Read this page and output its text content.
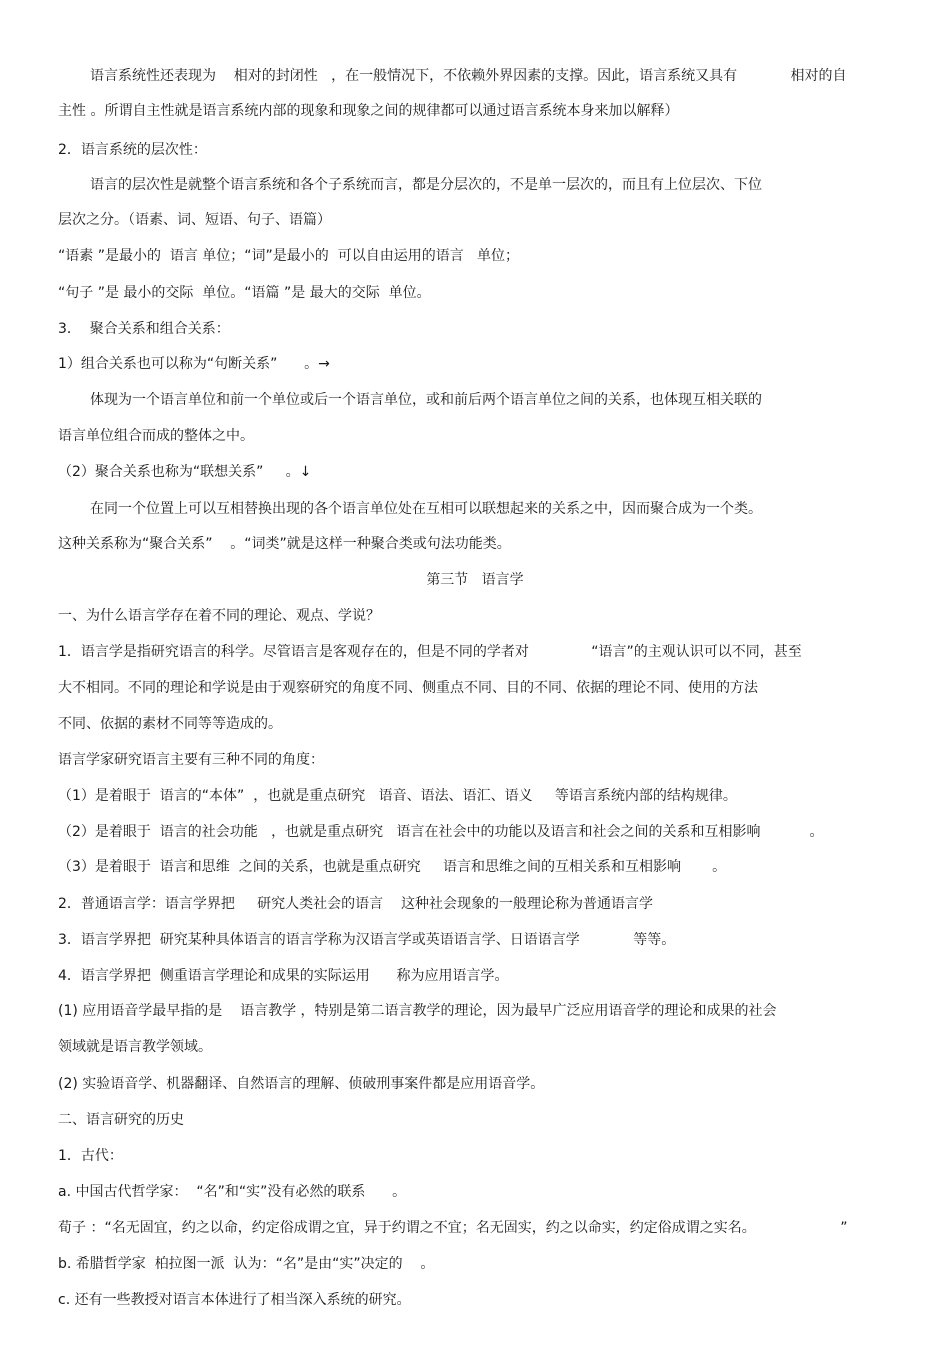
语言系统性还表现为    相对的封闭性   ，在一般情况下，不依赖外界因素的支撑。因此，语言系统又具有            相对的自

主性 。所谓自主性就是语言系统内部的现象和现象之间的规律都可以通过语言系统本身来加以解释）

2．语言系统的层次性：

语言的层次性是就整个语言系统和各个子系统而言，都是分层次的，不是单一层次的，而且有上位层次、下位

层次之分。（语素、词、短语、句子、语篇）

“语素 ”是最小的  语言 单位；“词”是最小的  可以自由运用的语言   单位；

“句子 ”是 最小的交际  单位。“语篇 ”是 最大的交际  单位。

3．  聚合关系和组合关系：

1）组合关系也可以称为“句断关系”      。→

体现为一个语言单位和前一个单位或后一个语言单位，或和前后两个语言单位之间的关系，也体现互相关联的

语言单位组合而成的整体之中。

（2）聚合关系也称为“联想关系”     。↓

在同一个位置上可以互相替换出现的各个语言单位处在互相可以联想起来的关系之中，因而聚合成为一个类。

这种关系称为“聚合关系”    。“词类”就是这样一种聚合类或句法功能类。

第三节   语言学

一、为什么语言学存在着不同的理论、观点、学说？

1．语言学是指研究语言的科学。尽管语言是客观存在的，但是不同的学者对              “语言”的主观认识可以不同，甚至

大不相同。不同的理论和学说是由于观察研究的角度不同、侧重点不同、目的不同、依据的理论不同、使用的方法

不同、依据的素材不同等等造成的。

语言学家研究语言主要有三种不同的角度：

（1）是着眼于  语言的“本体”  ，也就是重点研究   语音、语法、语汇、语义     等语言系统内部的结构规律。

（2）是着眼于  语言的社会功能   ，也就是重点研究   语言在社会中的功能以及语言和社会之间的关系和互相影响           。

（3）是着眼于  语言和思维  之间的关系，也就是重点研究     语言和思维之间的互相关系和互相影响       。

2．普通语言学：语言学界把     研究人类社会的语言    这种社会现象的一般理论称为普通语言学

3．语言学界把  研究某种具体语言的语言学称为汉语言学或英语语言学、日语语言学            等等。

4．语言学界把  侧重语言学理论和成果的实际运用      称为应用语言学。

(1) 应用语音学最早指的是    语言教学 ，特别是第二语言教学的理论，因为最早广泛应用语音学的理论和成果的社会

领域就是语言教学领域。

(2) 实验语音学、机器翻译、自然语言的理解、侦破刑事案件都是应用语音学。

二、语言研究的历史

1．古代：

a. 中国古代哲学家：  “名”和“实”没有必然的联系      。

荀子 ：“名无固宜，约之以命，约定俗成谓之宜，异于约谓之不宜；名无固实，约之以命实，约定俗成谓之实名。                   ”

b. 希腊哲学家  柏拉图一派  认为：“名”是由“实”决定的    。

c. 还有一些教授对语言本体进行了相当深入系统的研究。
